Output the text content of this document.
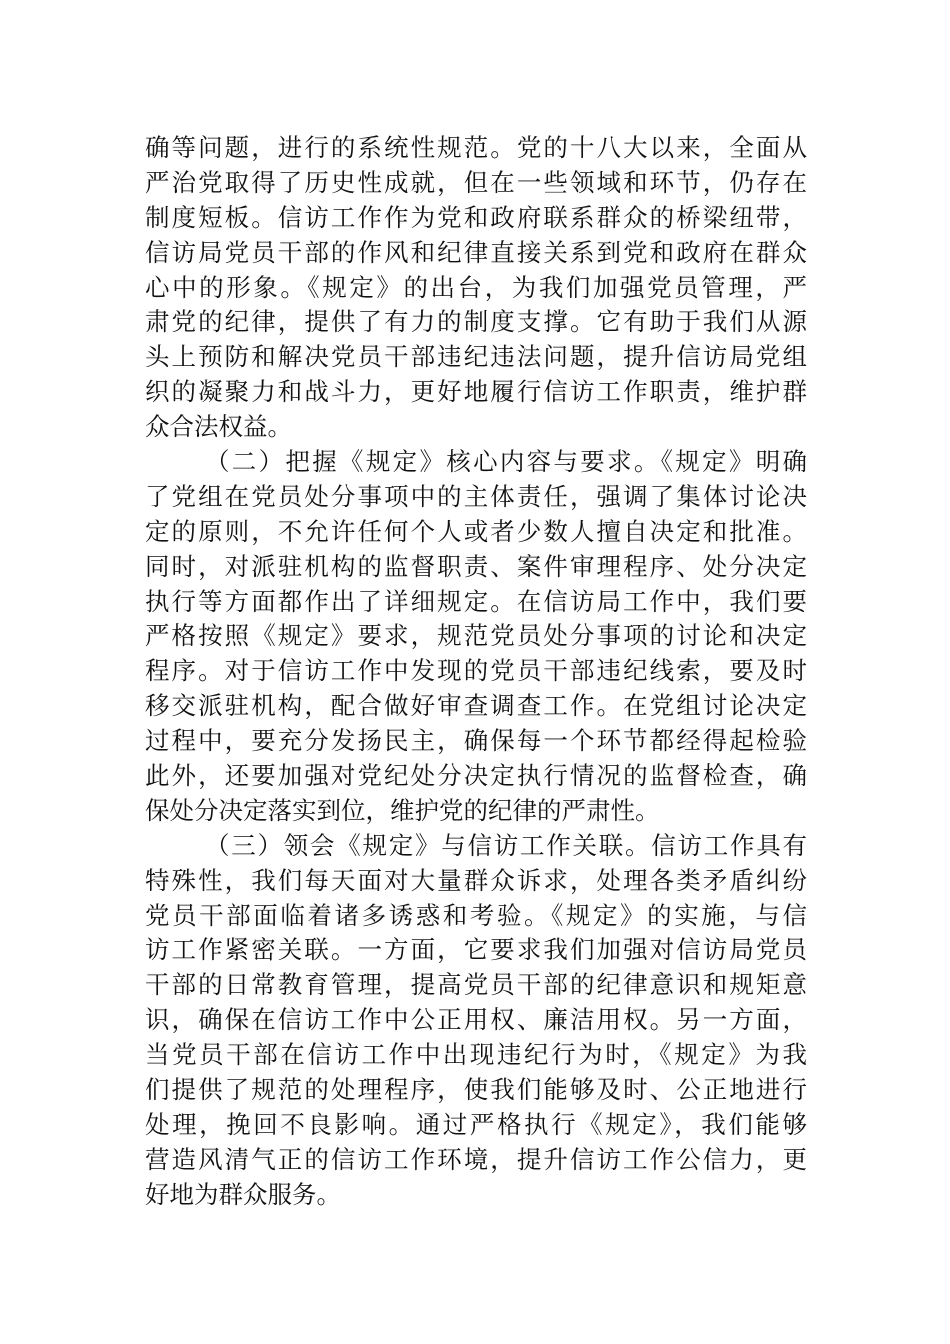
确等问题，进行的系统性规范。党的十八大以来，全面从
严治党取得了历史性成就，但在一些领域和环节，仍存在
制度短板。信访工作作为党和政府联系群众的桥梁纽带，
信访局党员干部的作风和纪律直接关系到党和政府在群众
心中的形象。《规定》的出台，为我们加强党员管理，严
肃党的纪律，提供了有力的制度支撑。它有助于我们从源
头上预防和解决党员干部违纪违法问题，提升信访局党组
织的凝聚力和战斗力，更好地履行信访工作职责，维护群
众合法权益。
（二）把握《规定》核心内容与要求。《规定》明确
了党组在党员处分事项中的主体责任，强调了集体讨论决
定的原则，不允许任何个人或者少数人擅自决定和批准。
同时，对派驻机构的监督职责、案件审理程序、处分决定
执行等方面都作出了详细规定。在信访局工作中，我们要
严格按照《规定》要求，规范党员处分事项的讨论和决定
程序。对于信访工作中发现的党员干部违纪线索，要及时
移交派驻机构，配合做好审查调查工作。在党组讨论决定
过程中，要充分发扬民主，确保每一个环节都经得起检验
此外，还要加强对党纪处分决定执行情况的监督检查，确
保处分决定落实到位，维护党的纪律的严肃性。
（三）领会《规定》与信访工作关联。信访工作具有
特殊性，我们每天面对大量群众诉求，处理各类矛盾纠纷
党员干部面临着诸多诱惑和考验。《规定》的实施，与信
访工作紧密关联。一方面，它要求我们加强对信访局党员
干部的日常教育管理，提高党员干部的纪律意识和规矩意
识，确保在信访工作中公正用权、廉洁用权。另一方面，
当党员干部在信访工作中出现违纪行为时，《规定》为我
们提供了规范的处理程序，使我们能够及时、公正地进行
处理，挽回不良影响。通过严格执行《规定》，我们能够
营造风清气正的信访工作环境，提升信访工作公信力，更
好地为群众服务。
